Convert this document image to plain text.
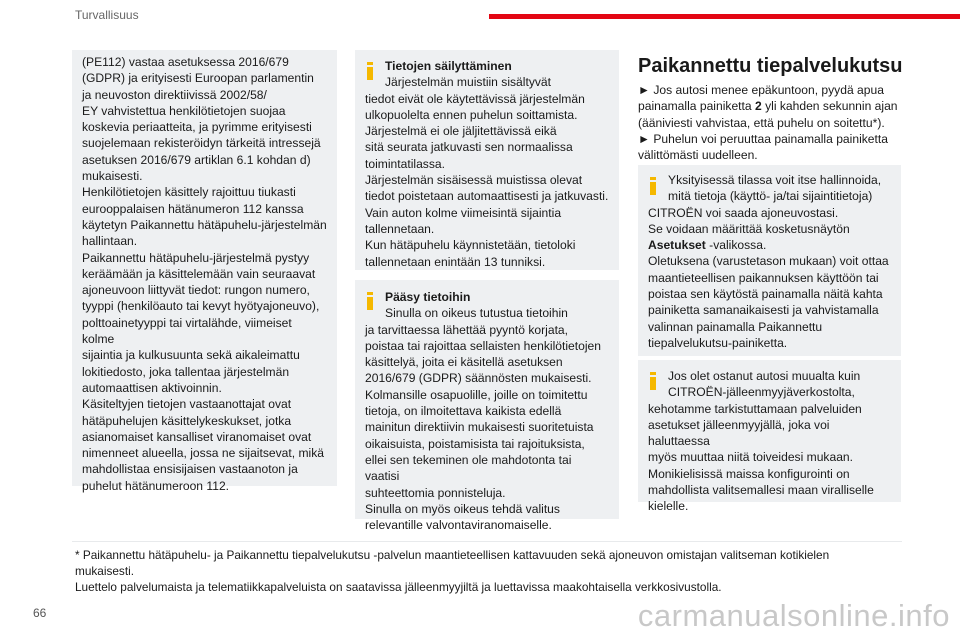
Turvallisuus

(PE112) vastaa asetuksessa 2016/679

(GDPR) ja erityisesti Euroopan parlamentin

ja neuvoston direktiivissä 2002/58/

EY vahvistettua henkilötietojen suojaa

koskevia periaatteita, ja pyrimme erityisesti

suojelemaan rekisteröidyn tärkeitä intressejä

asetuksen 2016/679 artiklan 6.1 kohdan d)

mukaisesti.

Henkilötietojen käsittely rajoittuu tiukasti

eurooppalaisen hätänumeron 112 kanssa

käytetyn Paikannettu hätäpuhelu-järjestelmän

hallintaan.

Paikannettu hätäpuhelu-järjestelmä pystyy

keräämään ja käsittelemään vain seuraavat

ajoneuvoon liittyvät tiedot: rungon numero,

tyyppi (henkilöauto tai kevyt hyötyajoneuvo),

polttoainetyyppi tai virtalähde, viimeiset kolme

sijaintia ja kulkusuunta sekä aikaleimattu

lokitiedosto, joka tallentaa järjestelmän

automaattisen aktivoinnin.

Käsiteltyjen tietojen vastaanottajat ovat

hätäpuhelujen käsittelykeskukset, jotka

asianomaiset kansalliset viranomaiset ovat

nimenneet alueella, jossa ne sijaitsevat, mikä

mahdollistaa ensisijaisen vastaanoton ja

puhelut hätänumeroon 112.

Tietojen säilyttäminen

Järjestelmän muistiin sisältyvät

tiedot eivät ole käytettävissä järjestelmän

ulkopuolelta ennen puhelun soittamista.

Järjestelmä ei ole jäljitettävissä eikä

sitä seurata jatkuvasti sen normaalissa

toimintatilassa.

Järjestelmän sisäisessä muistissa olevat

tiedot poistetaan automaattisesti ja jatkuvasti.

Vain auton kolme viimeisintä sijaintia

tallennetaan.

Kun hätäpuhelu käynnistetään, tietoloki

tallennetaan enintään 13 tunniksi.

Pääsy tietoihin

Sinulla on oikeus tutustua tietoihin

ja tarvittaessa lähettää pyyntö korjata,

poistaa tai rajoittaa sellaisten henkilötietojen

käsittelyä, joita ei käsitellä asetuksen

2016/679 (GDPR) säännösten mukaisesti.

Kolmansille osapuolille, joille on toimitettu

tietoja, on ilmoitettava kaikista edellä

mainitun direktiivin mukaisesti suoritetuista

oikaisuista, poistamisista tai rajoituksista,

ellei sen tekeminen ole mahdotonta tai vaatisi

suhteettomia ponnisteluja.

Sinulla on myös oikeus tehdä valitus

relevantille valvontaviranomaiselle.

Paikannettu tiepalvelukutsu

► Jos autosi menee epäkuntoon, pyydä apua

painamalla painiketta 2 yli kahden sekunnin ajan

(ääniviesti vahvistaa, että puhelu on soitettu*).

► Puhelun voi peruuttaa painamalla painiketta

välittömästi uudelleen.

Yksityisessä tilassa voit itse hallinnoida,

mitä tietoja (käyttö- ja/tai sijaintitietoja)

CITROËN voi saada ajoneuvostasi.

Se voidaan määrittää kosketusnäytön

Asetukset -valikossa.

Oletuksena (varustetason mukaan) voit ottaa

maantieteellisen paikannuksen käyttöön tai

poistaa sen käytöstä painamalla näitä kahta

painiketta samanaikaisesti ja vahvistamalla

valinnan painamalla Paikannettu

tiepalvelukutsu-painiketta.

Jos olet ostanut autosi muualta kuin

CITROËN-jälleenmyyjäverkostolta,

kehotamme tarkistuttamaan palveluiden

asetukset jälleenmyyjällä, joka voi haluttaessa

myös muuttaa niitä toiveidesi mukaan.

Monikielisissä maissa konfigurointi on

mahdollista valitsemallesi maan viralliselle

kielelle.

* Paikannettu hätäpuhelu- ja Paikannettu tiepalvelukutsu -palvelun maantieteellisen kattavuuden sekä ajoneuvon omistajan valitseman kotikielen

mukaisesti.

Luettelo palvelumaista ja telematiikkapalveluista on saatavissa jälleenmyyjiltä ja luettavissa maakohtaisella verkkosivustolla.

66	carmanualsonline.info
